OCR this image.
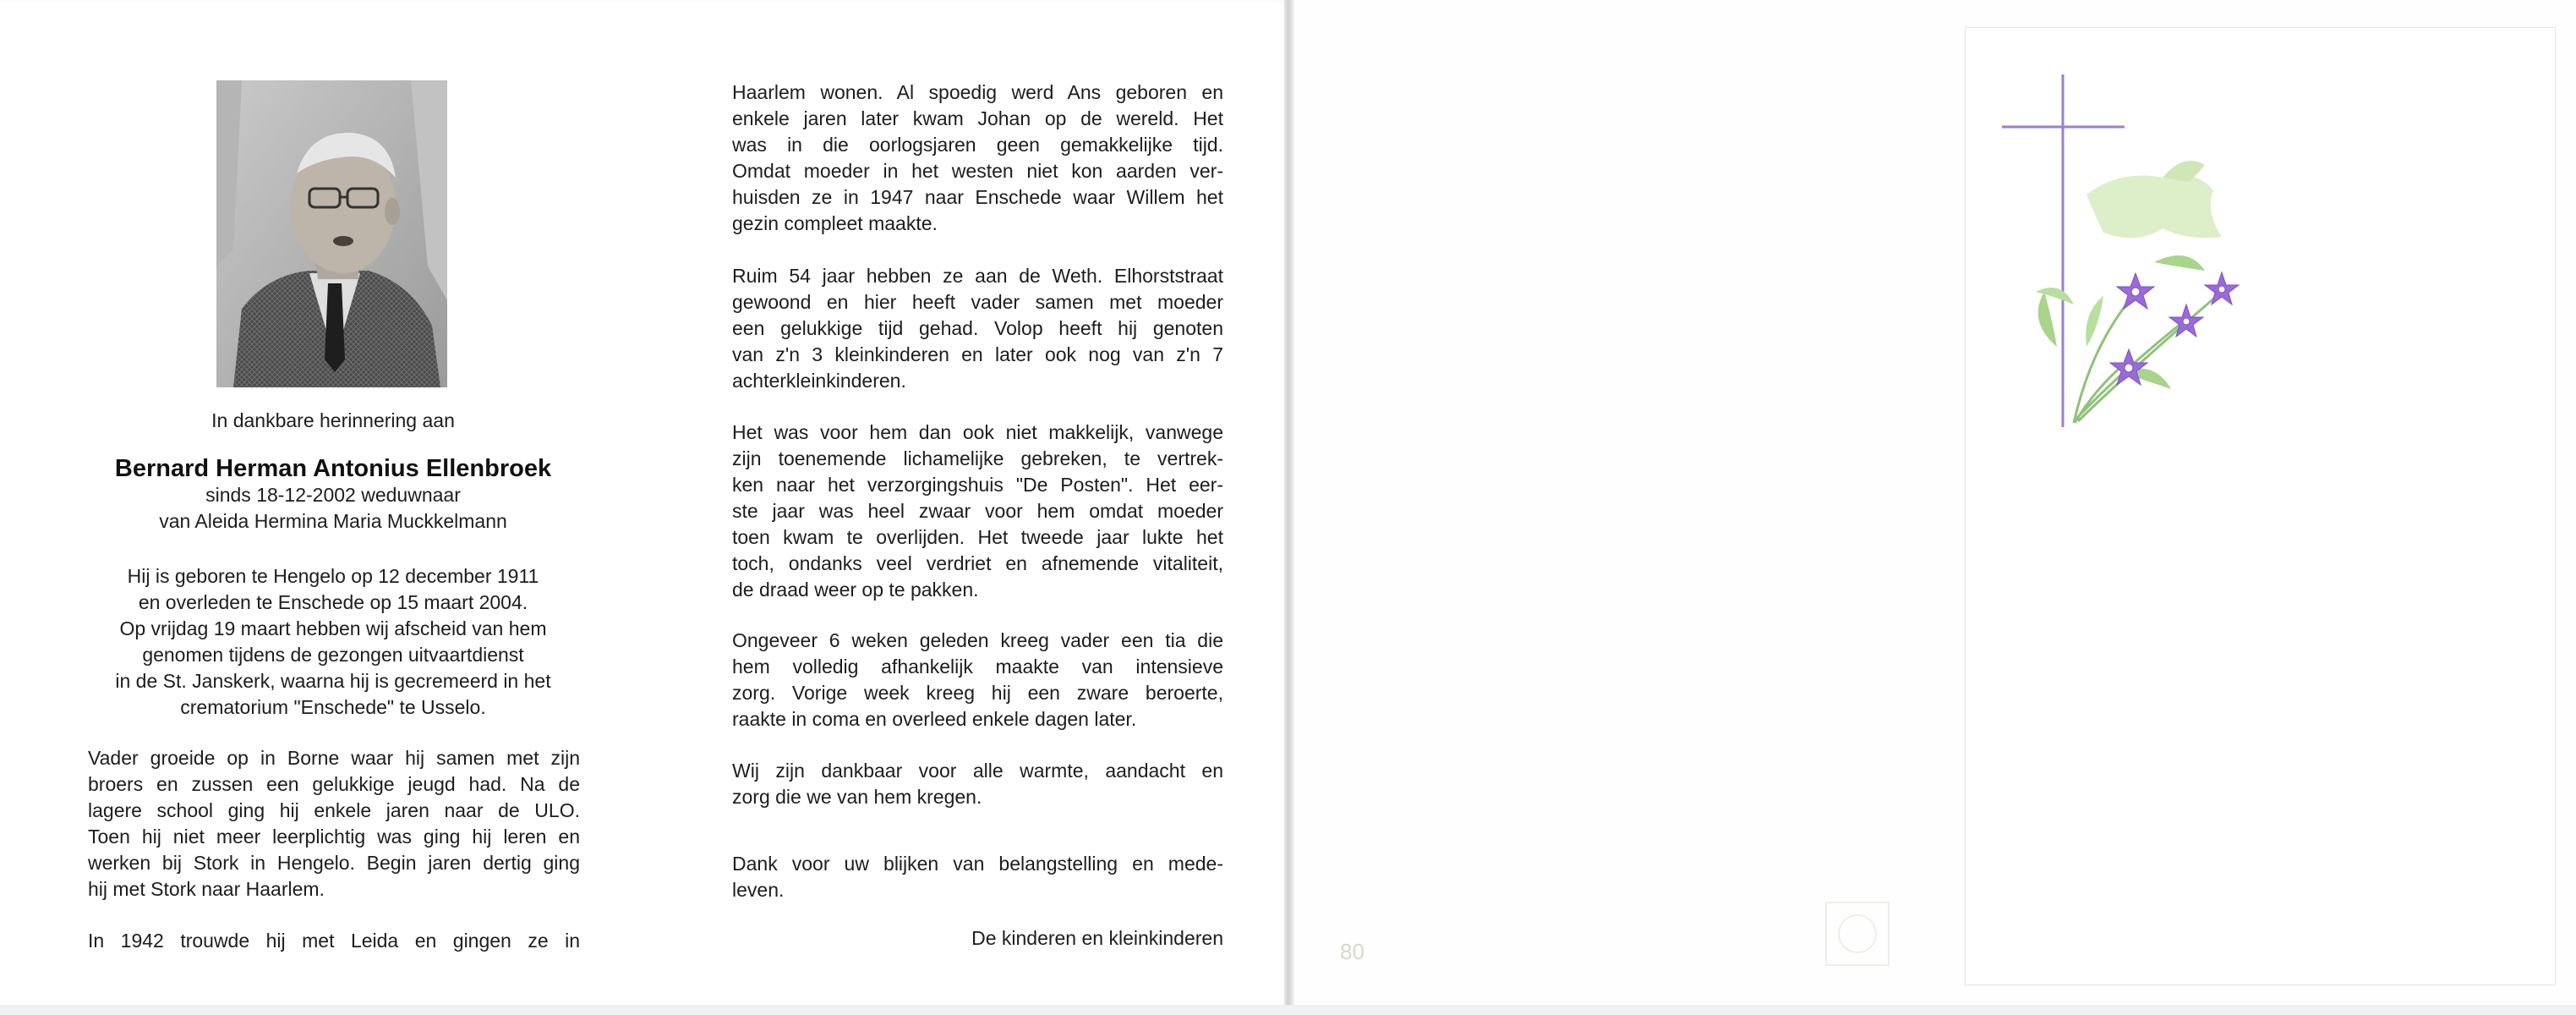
In dankbare herinnering aan
Bernard Herman Antonius Ellenbroek
sinds 18-12-2002 weduwnaar
van Aleida Hermina Maria Muckkelmann
Hij is geboren te Hengelo op 12 december 1911
en overleden te Enschede op 15 maart 2004.
Op vrijdag 19 maart hebben wij afscheid van hem
genomen tijdens de gezongen uitvaartdienst
in de St. Janskerk, waarna hij is gecremeerd in het
crematorium "Enschede" te Usselo.
Vader groeide op in Borne waar hij samen met zijn
broers en zussen een gelukkige jeugd had. Na de
lagere school ging hij enkele jaren naar de ULO.
Toen hij niet meer leerplichtig was ging hij leren en
werken bij Stork in Hengelo. Begin jaren dertig ging
hij met Stork naar Haarlem.
In 1942 trouwde hij met Leida en gingen ze in
Haarlem wonen. Al spoedig werd Ans geboren en
enkele jaren later kwam Johan op de wereld. Het
was in die oorlogsjaren geen gemakkelijke tijd.
Omdat moeder in het westen niet kon aarden ver-
huisden ze in 1947 naar Enschede waar Willem het
gezin compleet maakte.
Ruim 54 jaar hebben ze aan de Weth. Elhorststraat
gewoond en hier heeft vader samen met moeder
een gelukkige tijd gehad. Volop heeft hij genoten
van z'n 3 kleinkinderen en later ook nog van z'n 7
achterkleinkinderen.
Het was voor hem dan ook niet makkelijk, vanwege
zijn toenemende lichamelijke gebreken, te vertrek-
ken naar het verzorgingshuis "De Posten". Het eer-
ste jaar was heel zwaar voor hem omdat moeder
toen kwam te overlijden. Het tweede jaar lukte het
toch, ondanks veel verdriet en afnemende vitaliteit,
de draad weer op te pakken.
Ongeveer 6 weken geleden kreeg vader een tia die
hem volledig afhankelijk maakte van intensieve
zorg. Vorige week kreeg hij een zware beroerte,
raakte in coma en overleed enkele dagen later.
Wij zijn dankbaar voor alle warmte, aandacht en
zorg die we van hem kregen.
Dank voor uw blijken van belangstelling en mede-
leven.
De kinderen en kleinkinderen
80
